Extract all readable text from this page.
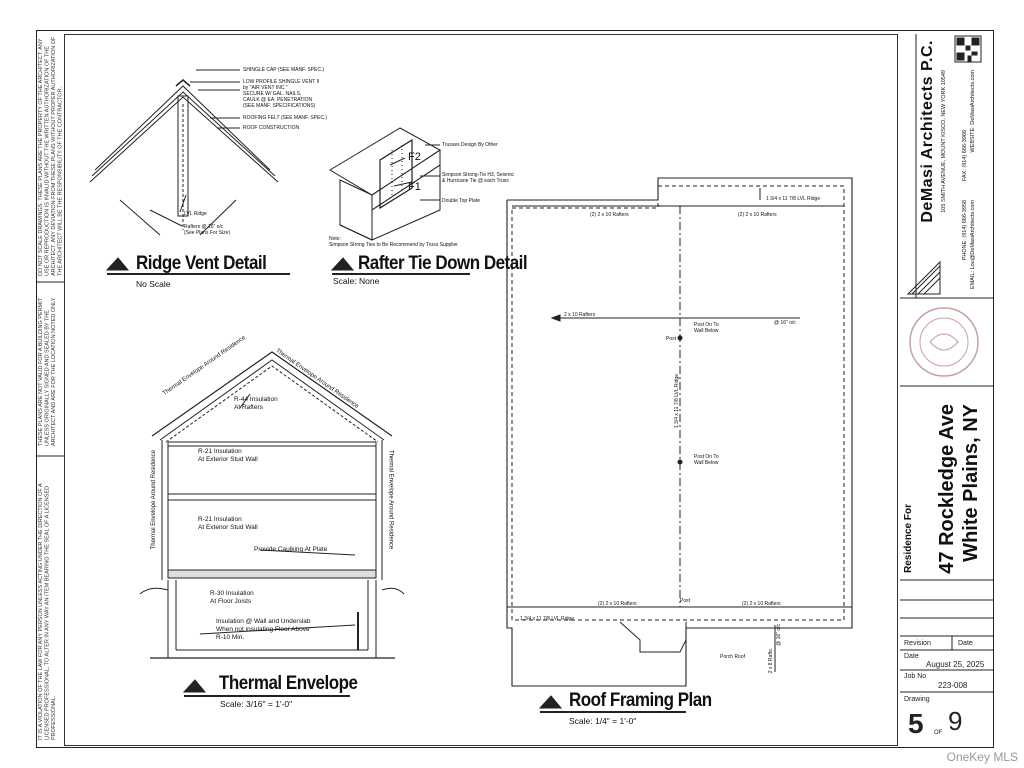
DO NOT SCALE DRAWINGS. THESE PLANS ARE THE PROPERTY OF THE ARCHITECT. ANY USE OR REPRODUCTION IS INVALID WITHOUT THE WRITTEN AUTHORIZATION OF THE ARCHITECT. ANY DEVIATION FROM THESE PLANS WITHOUT PROPER AUTHORIZATION OF THE ARCHITECT WILL BE THE RESPONSIBILITY OF THE CONTRACTOR.
THESE PLANS ARE NOT VALID FOR A BUILDING PERMIT UNLESS ORIGINALLY SIGNED AND SEALED BY THE ARCHITECT AND ARE FOR THE LOCATION NOTED ONLY.
IT IS A VIOLATION OF THE LAW FOR ANY PERSON UNLESS ACTING UNDER THE DIRECTION OF A LICENSED PROFESSIONAL, TO ALTER IN ANY WAY AN ITEM BEARING THE SEAL OF A LICENSED PROFESSIONAL.
SHINGLE CAP (SEE MANF. SPEC.)
LOW PROFILE SHINGLE VENT II
by "AIR VENT INC."
SECURE W/ GAL. NAILS,
CAULK @ EA. PENETRATION
(SEE MANF. SPECIFICATIONS)
ROOFING FELT (SEE MANF. SPEC.)
ROOF CONSTRUCTION
LVL Ridge
Rafters @ 16" o/c
(See Plans For Size)
Ridge Vent Detail
No Scale
Trusses Design By Other
Simpson Strong-Tie H3, Seismic
& Hurricane Tie @ each Truss
Double Top Plate
F2
F1
Note:
Simpson Strong Ties to Be Recommend by Truss Supplier
Rafter Tie Down Detail
Scale: None
Thermal Envelope Around Residence	Thermal Envelope Around Residence
Thermal Envelope Around Residence	Thermal Envelope Around Residence
R-44 Insulation
At Rafters
R-21 Insulation
At Exterior Stud Wall
R-21 Insulation
At Exterior Stud Wall
Provide Caulking At Plate
R-30 Insulation
At Floor Joists
Insulation @ Wall and Underslab
When not insulating Floor Above
R-10 Min.
Thermal Envelope
Scale: 3/16" = 1'-0"
1 3/4 x 11 7/8 LVL Ridge
(2) 2 x 10 Rafters	(2) 2 x 10 Rafters
2 x 10 Rafters
@ 16" o/c
Post On To
Wall Below
Post
1 3/4 x 11 7/8 LVL Ridge
Post On To
Wall Below
(2) 2 x 10 Rafters	(2) 2 x 10 Rafters
Post
1 3/4 x 11 7/8 LVL Ridge
Porch Roof	2 x 8 Rafts.
@ 16" o/c
Roof Framing Plan
Scale: 1/4" = 1'-0"
DeMasi Architects P.C. 105 SMITH AVENUE, MOUNT KISCO, NEW YORK 10549
PHONE: (914) 666-3958
FAX: (914) 666-3966
EMAIL: Lou@DeMasiArchitects.com
WEBSITE: DeMasiArchitects.com
Residence For 47 Rockledge Ave White Plains, NY
Revision	Date
Date
August 25, 2025
Job No
223-008
Drawing
5 OF 9
OneKey MLS
